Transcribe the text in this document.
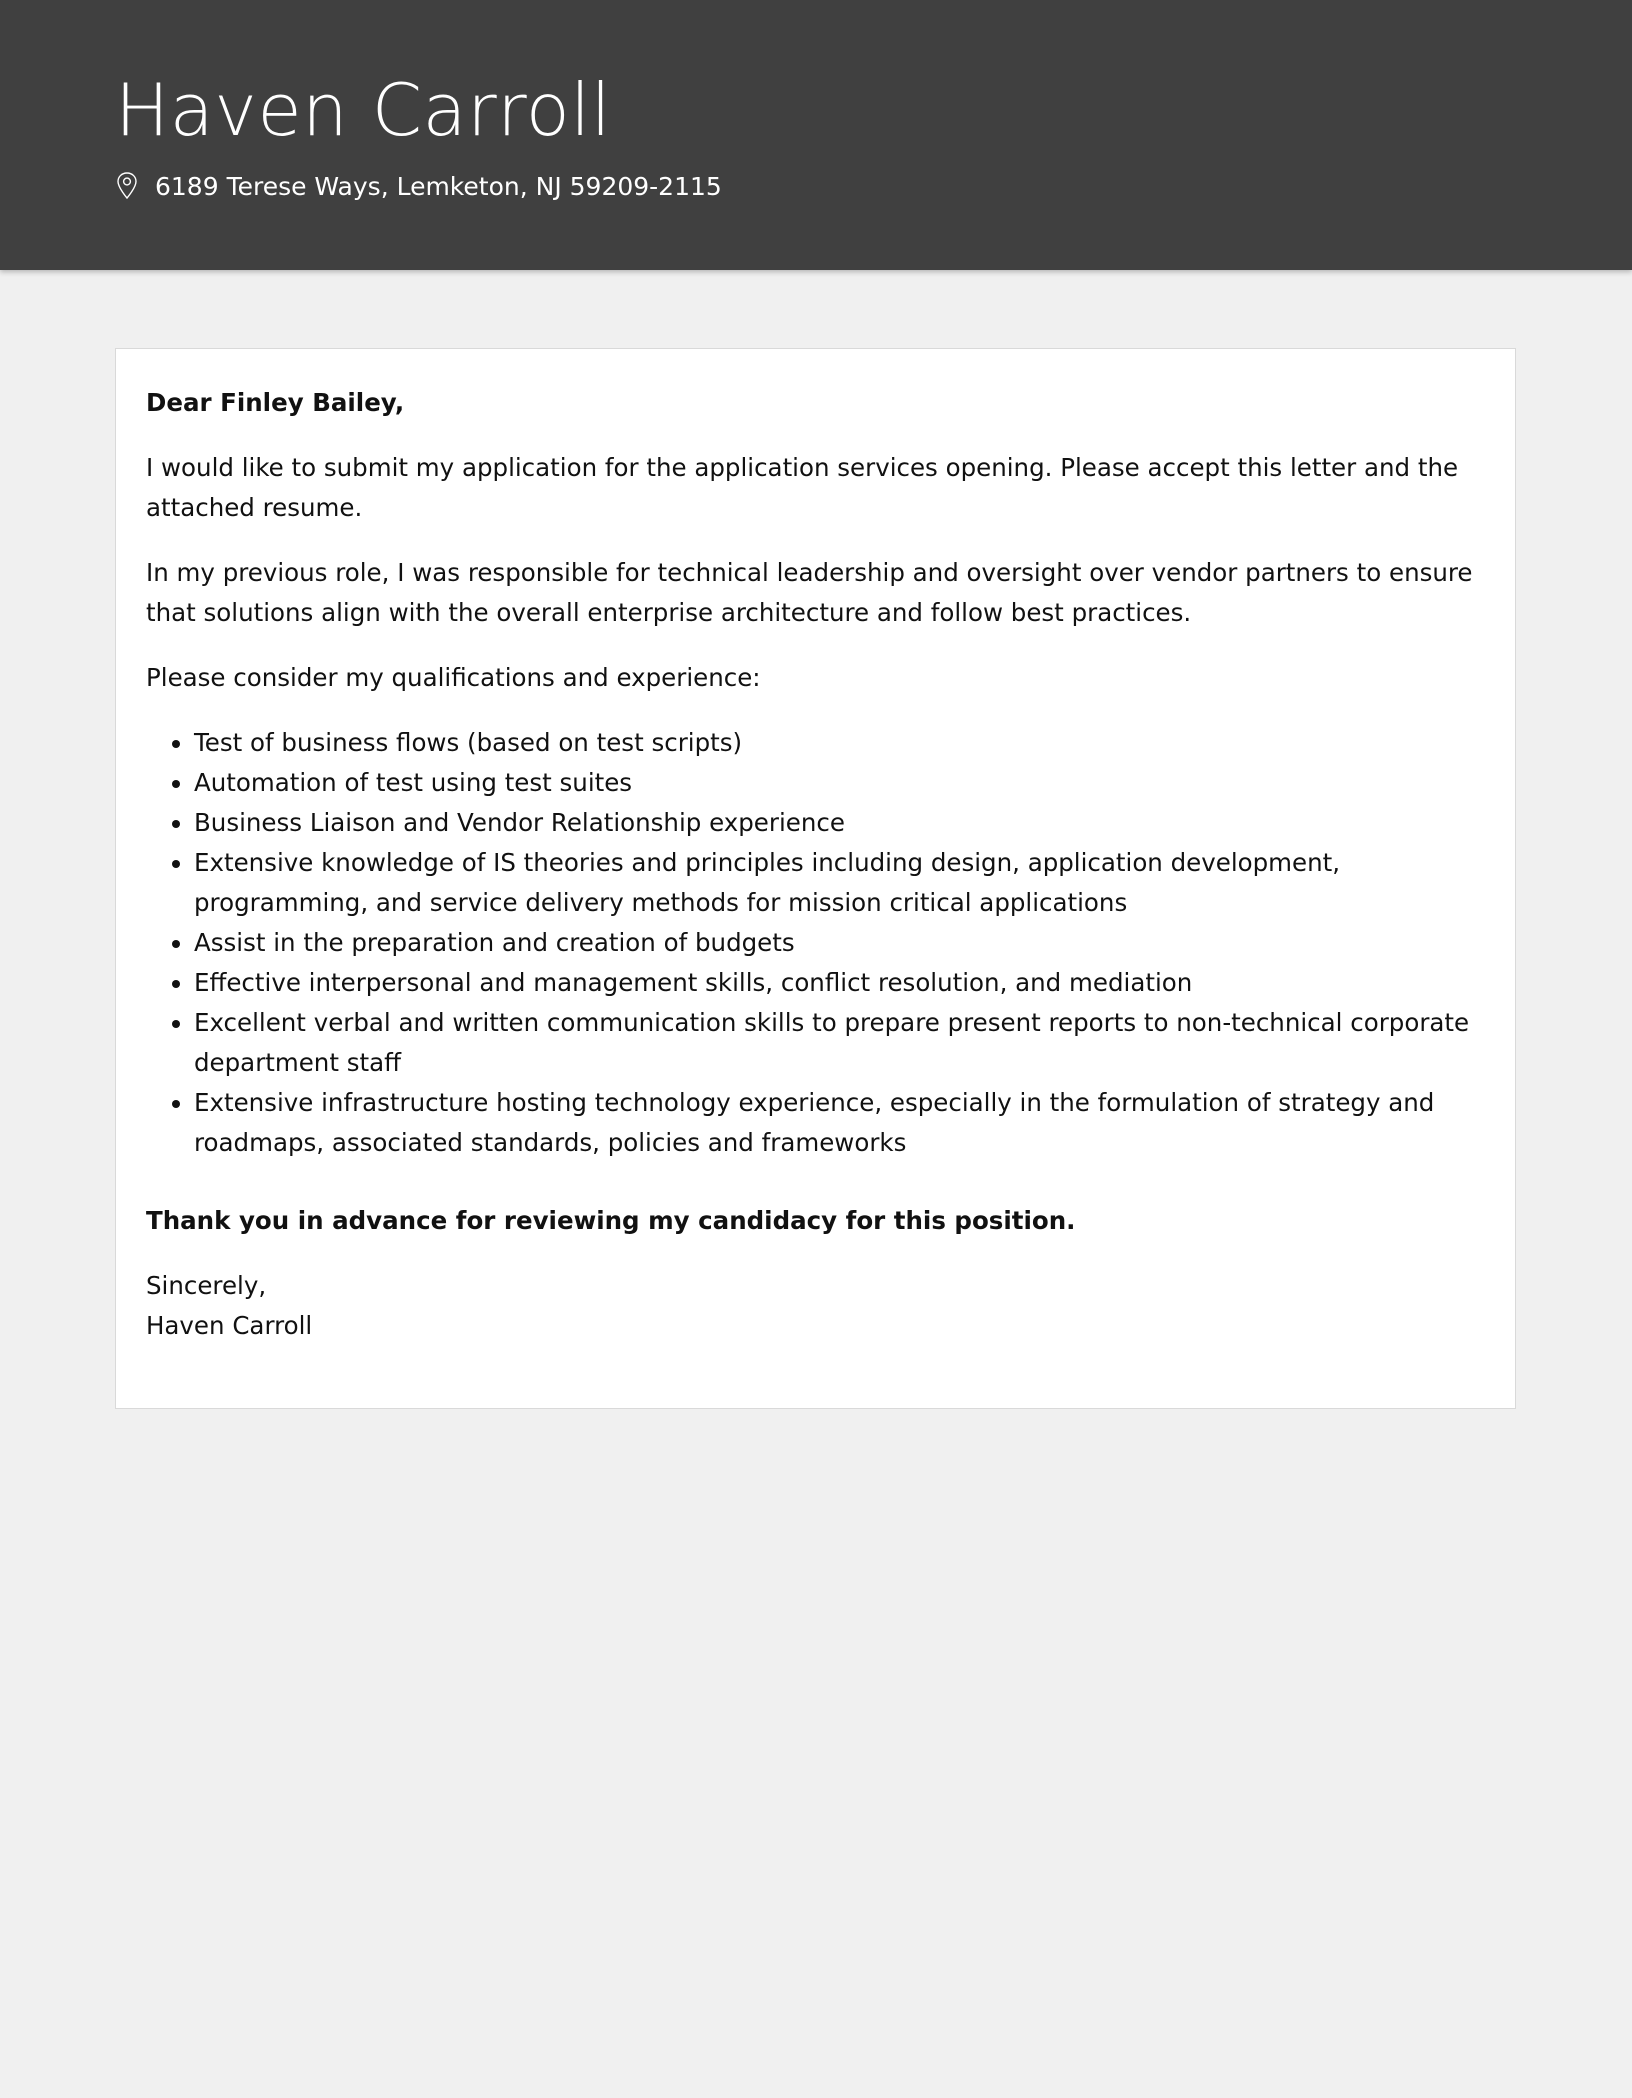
Haven Carroll
6189 Terese Ways, Lemketon, NJ 59209-2115

Dear Finley Bailey,

I would like to submit my application for the application services opening. Please accept this letter and the attached resume.

In my previous role, I was responsible for technical leadership and oversight over vendor partners to ensure that solutions align with the overall enterprise architecture and follow best practices.

Please consider my qualifications and experience:

• Test of business flows (based on test scripts)
• Automation of test using test suites
• Business Liaison and Vendor Relationship experience
• Extensive knowledge of IS theories and principles including design, application development, programming, and service delivery methods for mission critical applications
• Assist in the preparation and creation of budgets
• Effective interpersonal and management skills, conflict resolution, and mediation
• Excellent verbal and written communication skills to prepare present reports to non-technical corporate department staff
• Extensive infrastructure hosting technology experience, especially in the formulation of strategy and roadmaps, associated standards, policies and frameworks

Thank you in advance for reviewing my candidacy for this position.

Sincerely,

Haven Carroll
